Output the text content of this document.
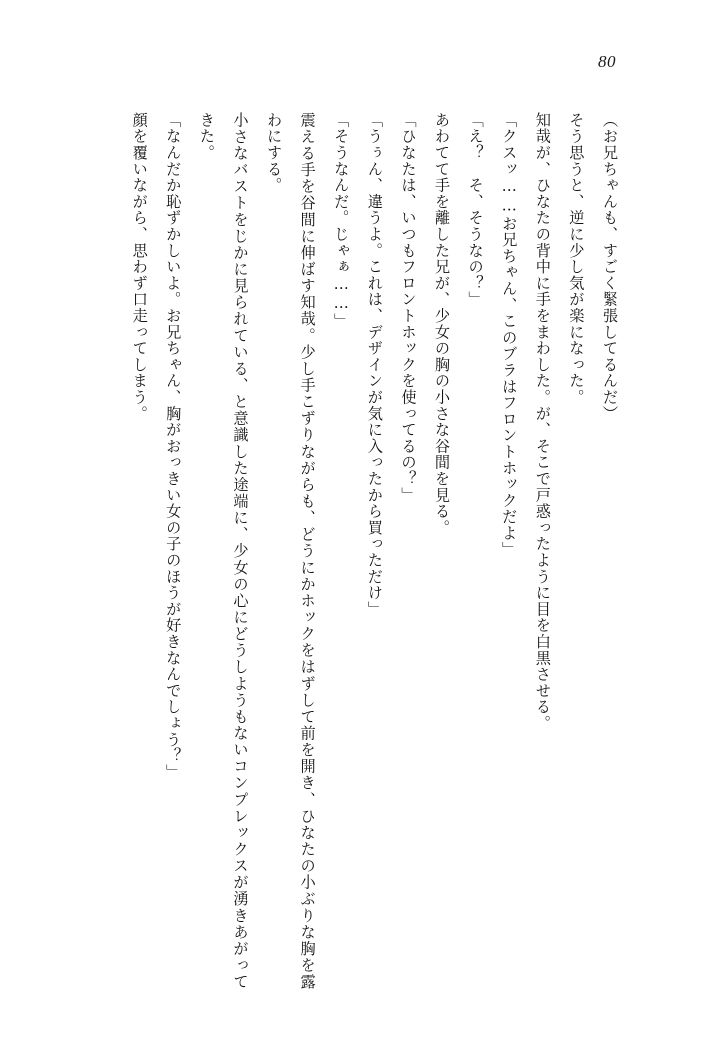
80

（お兄ちゃんも、すごく緊張してるんだ）

そう思うと、逆に少し気が楽になった。

知哉が、ひなたの背中に手をまわした。が、そこで戸惑ったように目を白黒させる。

「クスッ……お兄ちゃん、このブラはフロントホックだよ」

「え？　そ、そうなの？」

あわてて手を離した兄が、少女の胸の小さな谷間を見る。

「ひなたは、いつもフロントホックを使ってるの？」

「うぅん、違うよ。これは、デザインが気に入ったから買っただけ」

「そうなんだ。じゃぁ……」

震える手を谷間に伸ばす知哉。少し手こずりながらも、どうにかホックをはずして前を開き、ひなたの小ぶりな胸を露わにする。

小さなバストをじかに見られている、と意識した途端に、少女の心にどうしようもないコンプレックスが湧きあがってきた。

「なんだか恥ずかしいよ。お兄ちゃん、胸がおっきい女の子のほうが好きなんでしょう？」

顔を覆いながら、思わず口走ってしまう。
